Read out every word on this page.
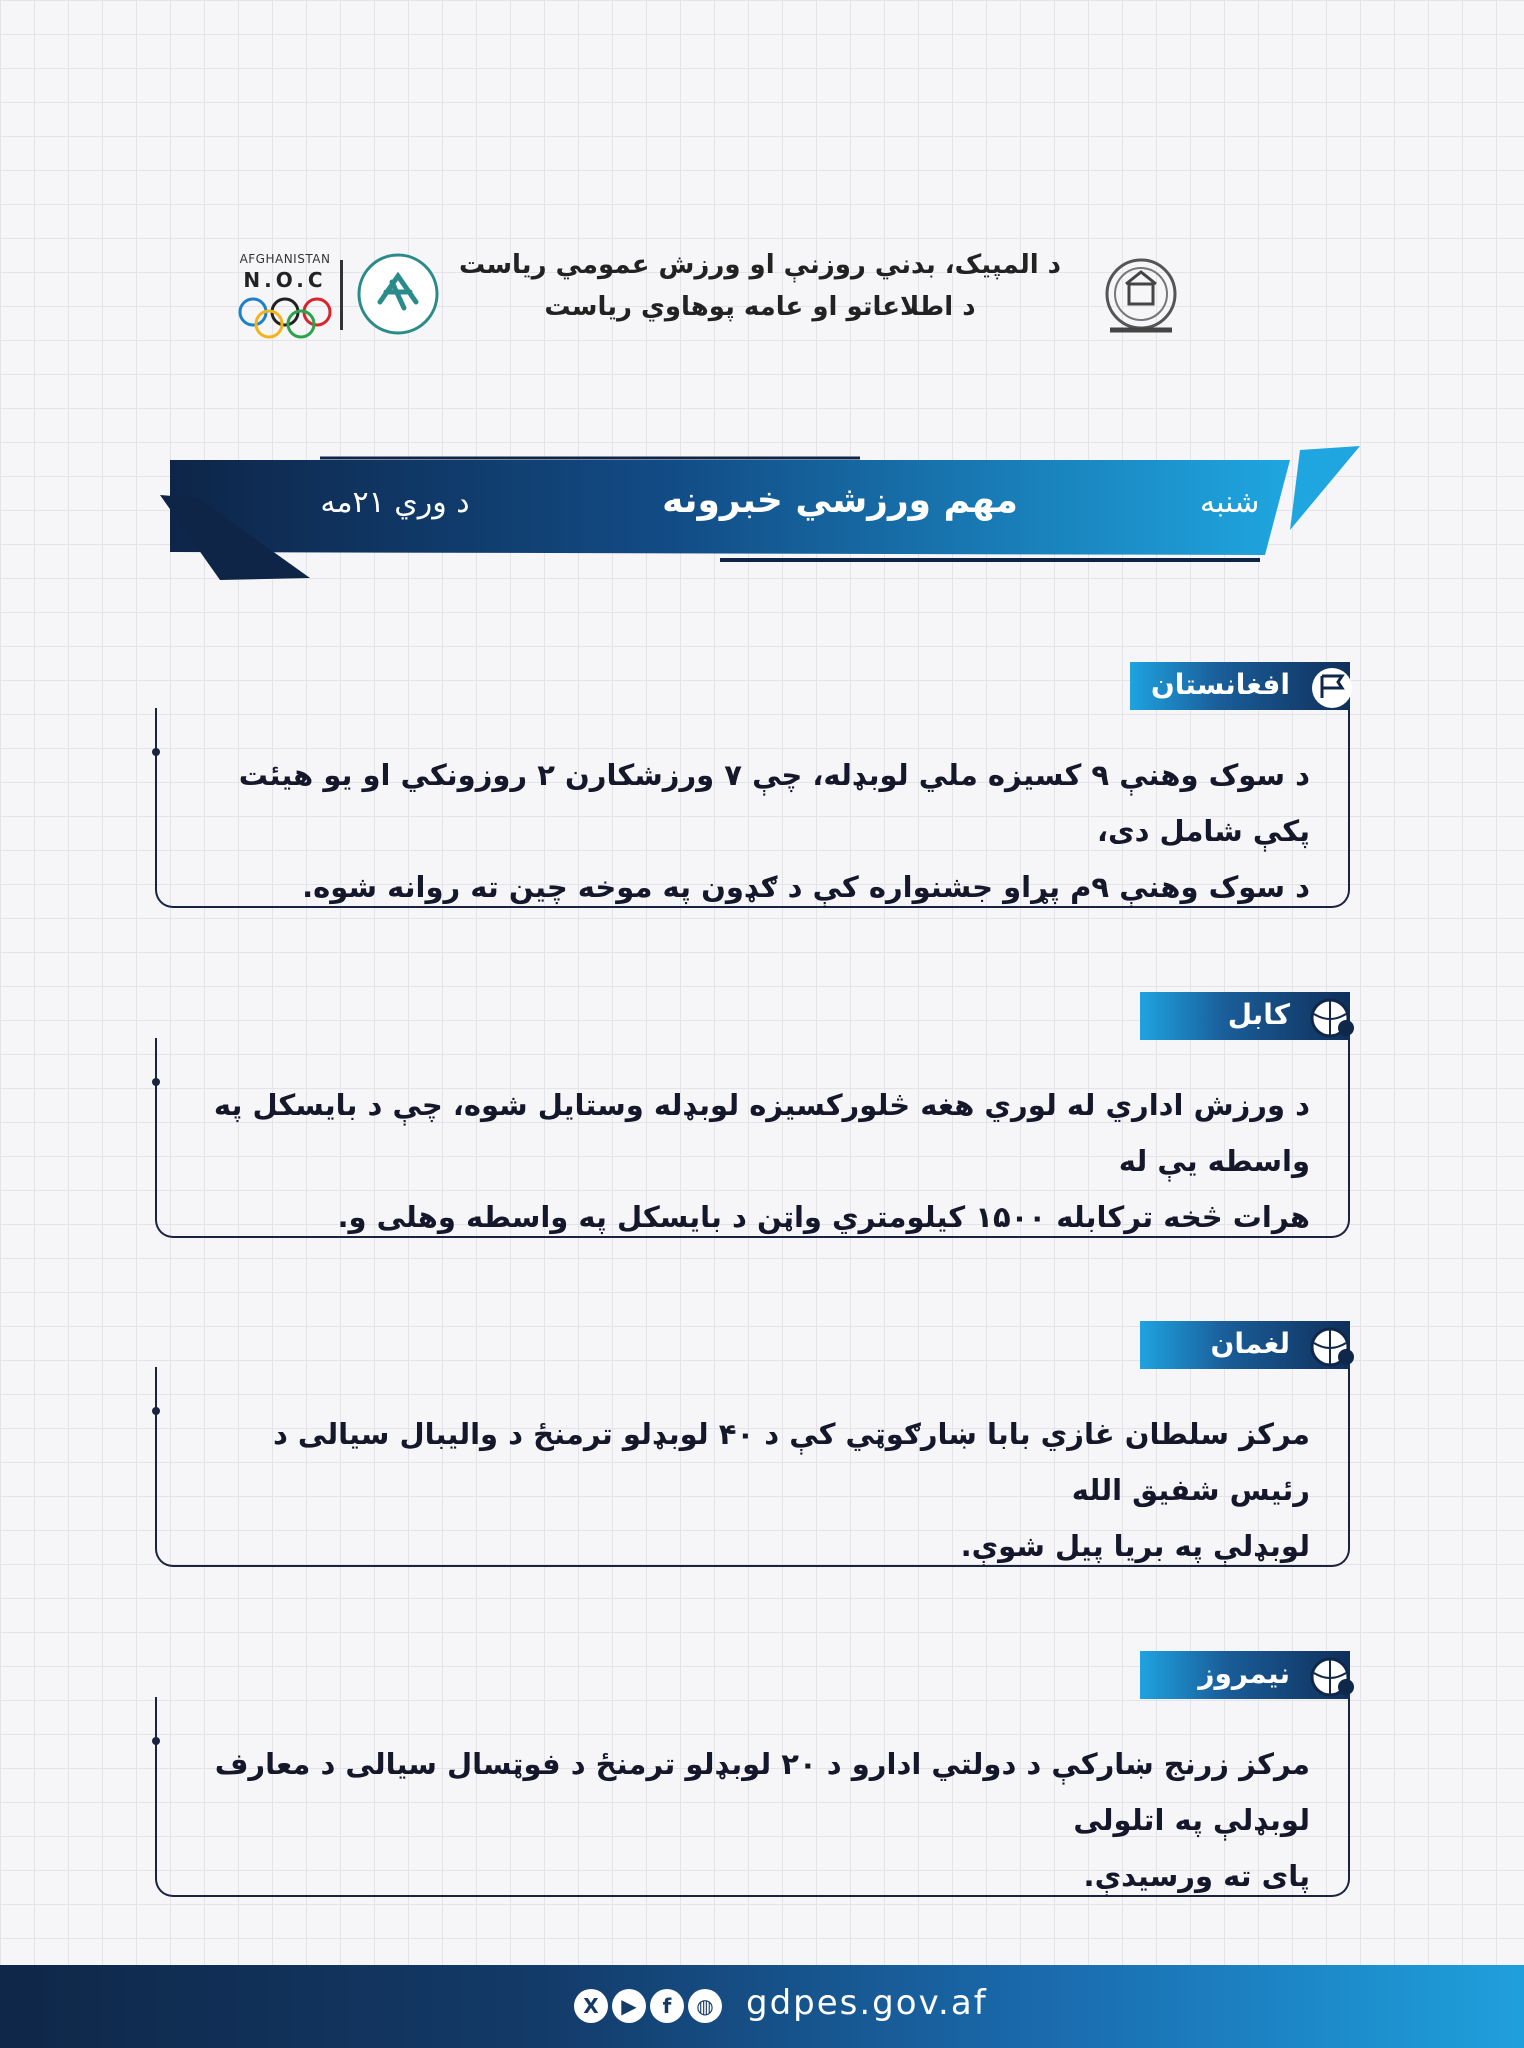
AFGHANISTAN
N.O.C	د المپيک، بدني روزنې او ورزش عمومي رياست
د اطلاعاتو او عامه پوهاوي رياست
شنبه
مهم ورزشي خبرونه
د وري ۲۱مه
افغانستان
د سوک وهنې ۹ کسيزه ملي لوبډله، چې ۷ ورزشکارن ۲ روزونکي او يو هيئت پکې شامل دی،
د سوک وهنې ۹م پړاو جشنواره کې د ګډون په موخه چين ته روانه شوه.
کابل
د ورزش اداري له لوري هغه څلورکسيزه لوبډله وستايل شوه، چې د بايسکل په واسطه يې له
هرات څخه ترکابله ۱۵۰۰ کيلومتري واټن د بايسکل په واسطه وهلی و.
لغمان
مرکز سلطان غازي بابا ښارګوټي کې د ۴۰ لوبډلو ترمنځ د واليبال سيالی د رئيس شفيق الله
لوبډلې په بريا پيل شوې.
نيمروز
مرکز زرنج ښارکې د دولتي ادارو د ۲۰ لوبډلو ترمنځ د فوټسال سيالی د معارف لوبډلې په اتلولی
پای ته ورسيدې.
X	▶	f	◍ gdpes.gov.af
